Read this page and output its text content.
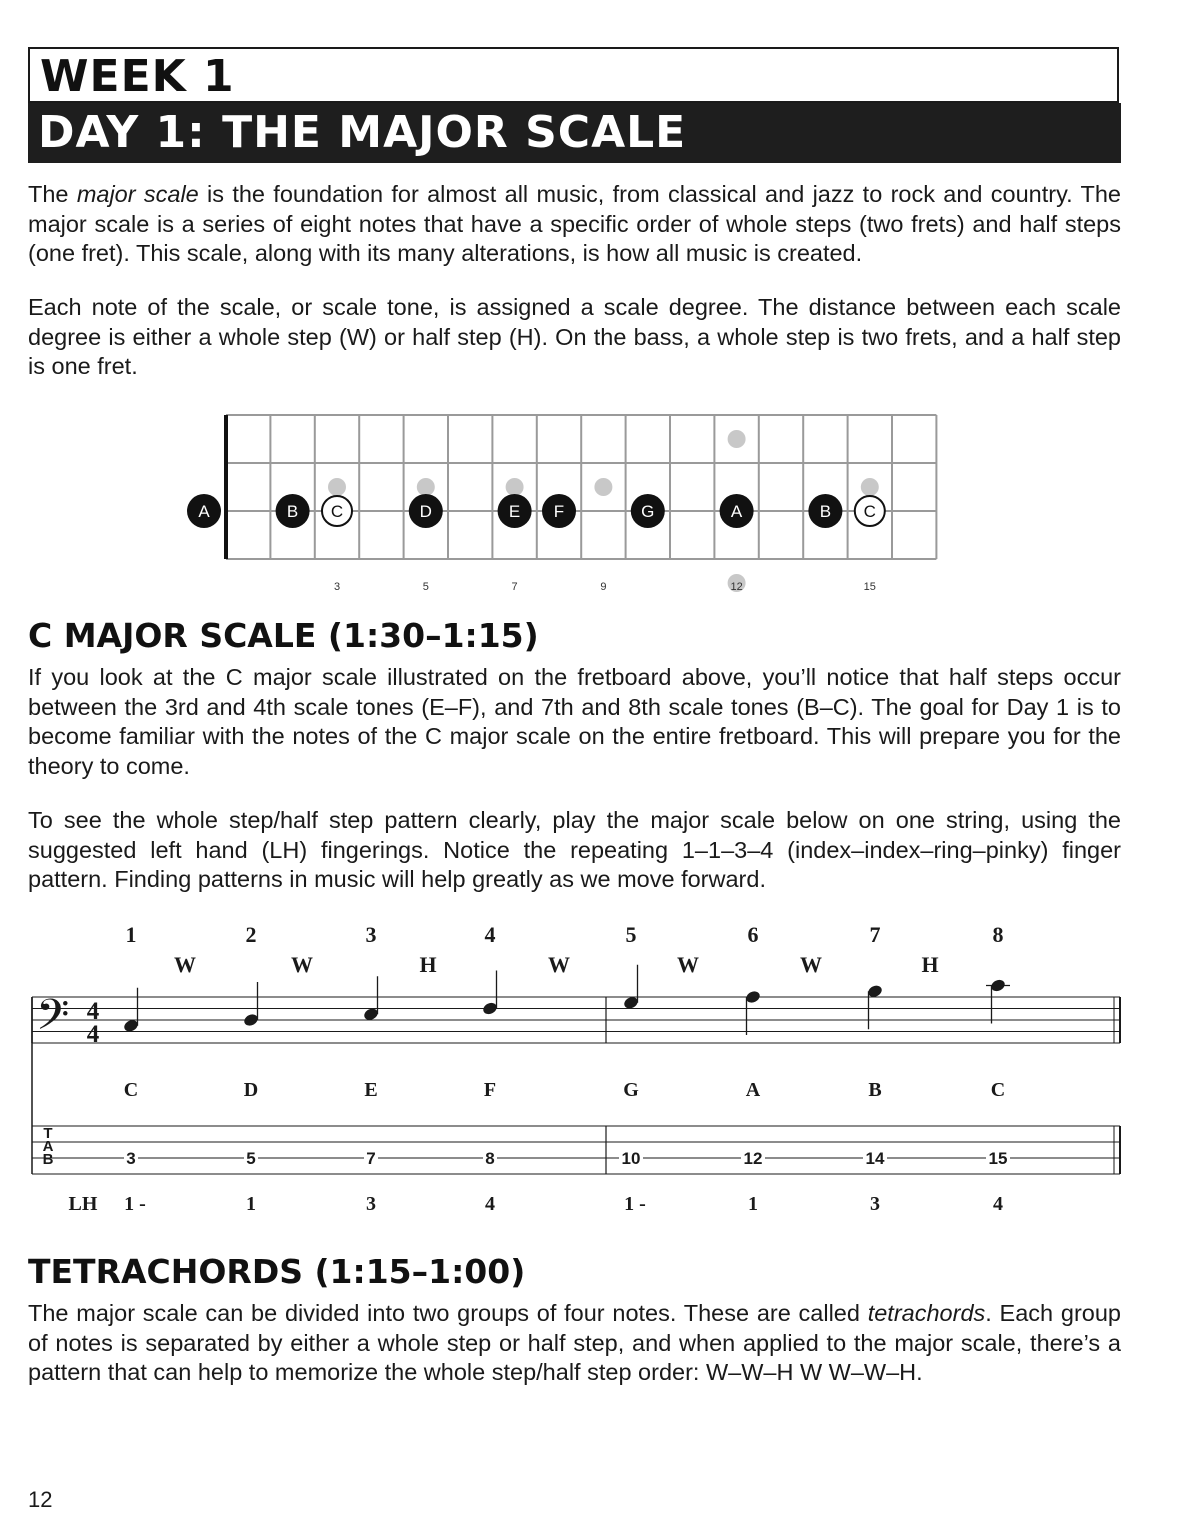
WEEK 1
DAY 1: THE MAJOR SCALE

The major scale is the foundation for almost all music, from classical and jazz to rock and country. The major scale is a series of eight notes that have a specific order of whole steps (two frets) and half steps (one fret). This scale, along with its many alterations, is how all music is created.

Each note of the scale, or scale tone, is assigned a scale degree. The distance between each scale degree is either a whole step (W) or half step (H). On the bass, a whole step is two frets, and a half step is one fret.

A	B C	D	E F	G	A	B C
3	5	7	9	12	15
C MAJOR SCALE (1:30–1:15)

If you look at the C major scale illustrated on the fretboard above, you’ll notice that half steps occur between the 3rd and 4th scale tones (E–F), and 7th and 8th scale tones (B–C). The goal for Day 1 is to become familiar with the notes of the C major scale on the entire fretboard. This will prepare you for the theory to come.

To see the whole step/half step pattern clearly, play the major scale below on one string, using the suggested left hand (LH) fingerings. Notice the repeating 1–1–3–4 (index–index–ring–pinky) finger pattern. Finding patterns in music will help greatly as we move forward.

𝄢 4
4
T
A
B	3	5	7	8	10	12	14	15
1	2	3	4	5	6	7	8
W	W	H	W	W	W	H
C	D	E	F	G	A	B	C
LH 1 -	1	3	4	1 -	1	3	4
TETRACHORDS (1:15–1:00)

The major scale can be divided into two groups of four notes. These are called tetrachords. Each group of notes is separated by either a whole step or half step, and when applied to the major scale, there’s a pattern that can help to memorize the whole step/half step order: W–W–H W W–W–H.

12
